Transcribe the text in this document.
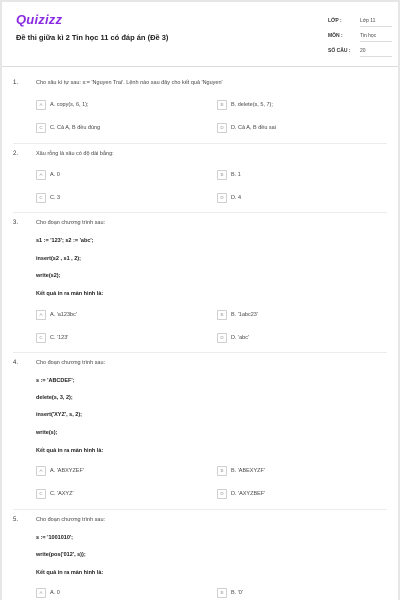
Quizizz
Đề thi giữa kì 2 Tin học 11 có đáp án (Đề 3)
LỚP :	Lớp 11
MÔN :	Tin học
SỐ CÂU : 20
1.	Cho xâu kí tự sau: s:= 'Nguyen Trai'. Lệnh nào sau đây cho kết quả 'Nguyen'
A A. copy(s, 6, 1);	B B. delete(s, 5, 7);
C C. Cả A, B đều đúng	D D. Cả A, B đều sai
2.	Xâu rỗng là xâu có độ dài bằng:
A A. 0	B B. 1
C C. 3	D D. 4
3.	Cho đoạn chương trình sau:
s1 := '123'; s2 := 'abc';
insert(s2 , s1 , 2);
write(s2);
Kết quả in ra màn hình là:
A A. 'a123bc'	B B. '1abc23'
C C. '123'	D D. 'abc'
4.	Cho đoạn chương trình sau:
s := 'ABCDEF';
delete(s, 3, 2);
insert('XYZ', s, 2);
write(s);
Kết quả in ra màn hình là:
A A. 'ABXYZEF'	B B. 'ABEXYZF'
C C. 'AXYZ'	D D. 'AXYZBEF'
5.	Cho đoạn chương trình sau:
s := '1001010';
write(pos('012', s));
Kết quả in ra màn hình là:
A A. 0	B B. '0'
